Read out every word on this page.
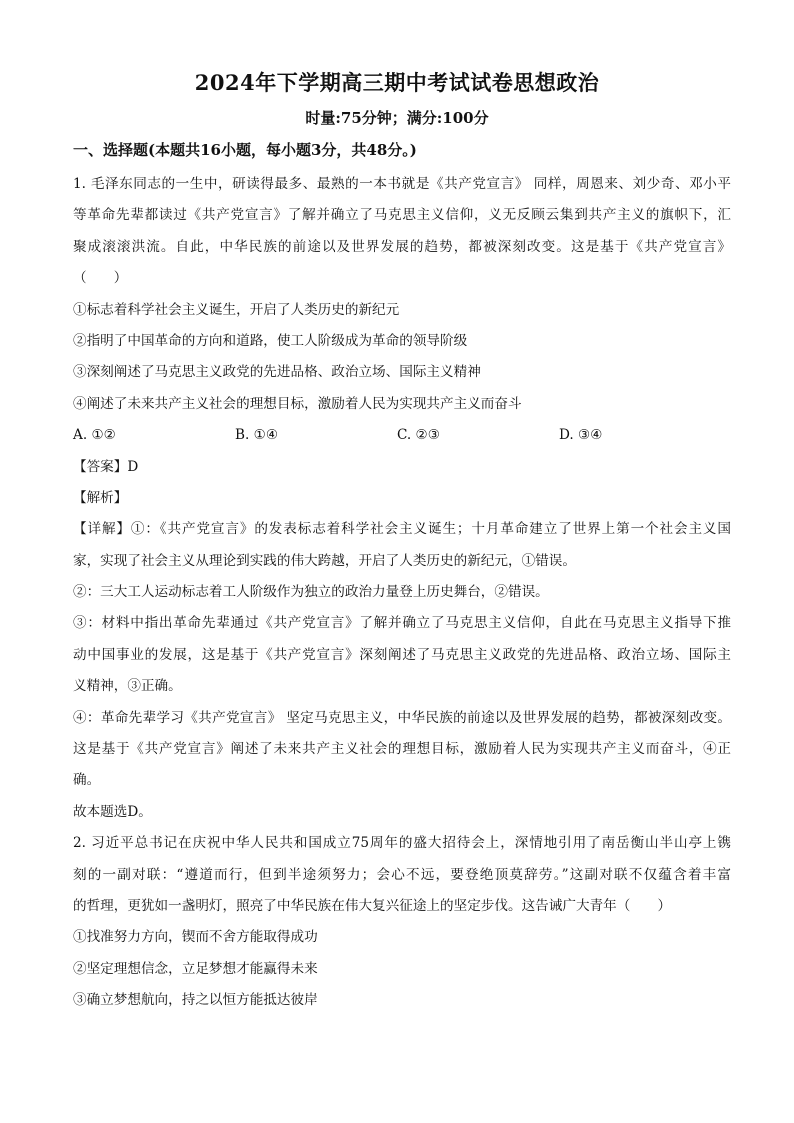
2024年下学期高三期中考试试卷思想政治
时量:75分钟；满分:100分
一、选择题(本题共16小题，每小题3分，共48分。)
1. 毛泽东同志的一生中，研读得最多、最熟的一本书就是《共产党宣言》 同样，周恩来、刘少奇、邓小平
等革命先辈都读过《共产党宣言》了解并确立了马克思主义信仰，义无反顾云集到共产主义的旗帜下，汇
聚成滚滚洪流。自此，中华民族的前途以及世界发展的趋势，都被深刻改变。这是基于《共产党宣言》
（　　）
①标志着科学社会主义诞生，开启了人类历史的新纪元
②指明了中国革命的方向和道路，使工人阶级成为革命的领导阶级
③深刻阐述了马克思主义政党的先进品格、政治立场、国际主义精神
④阐述了未来共产主义社会的理想目标，激励着人民为实现共产主义而奋斗
A. ①②	B. ①④	C. ②③	D. ③④
【答案】D
【解析】
【详解】①：《共产党宣言》的发表标志着科学社会主义诞生；十月革命建立了世界上第一个社会主义国
家，实现了社会主义从理论到实践的伟大跨越，开启了人类历史的新纪元，①错误。
②：三大工人运动标志着工人阶级作为独立的政治力量登上历史舞台，②错误。
③：材料中指出革命先辈通过《共产党宣言》了解并确立了马克思主义信仰，自此在马克思主义指导下推
动中国事业的发展，这是基于《共产党宣言》深刻阐述了马克思主义政党的先进品格、政治立场、国际主
义精神，③正确。
④：革命先辈学习《共产党宣言》 坚定马克思主义，中华民族的前途以及世界发展的趋势，都被深刻改变。
这是基于《共产党宣言》阐述了未来共产主义社会的理想目标，激励着人民为实现共产主义而奋斗，④正
确。
故本题选D。
2. 习近平总书记在庆祝中华人民共和国成立75周年的盛大招待会上，深情地引用了南岳衡山半山亭上镌
刻的一副对联：“遵道而行，但到半途须努力；会心不远，要登绝顶莫辞劳。”这副对联不仅蕴含着丰富
的哲理，更犹如一盏明灯，照亮了中华民族在伟大复兴征途上的坚定步伐。这告诫广大青年（　　）
①找准努力方向，锲而不舍方能取得成功
②坚定理想信念，立足梦想才能赢得未来
③确立梦想航向，持之以恒方能抵达彼岸
